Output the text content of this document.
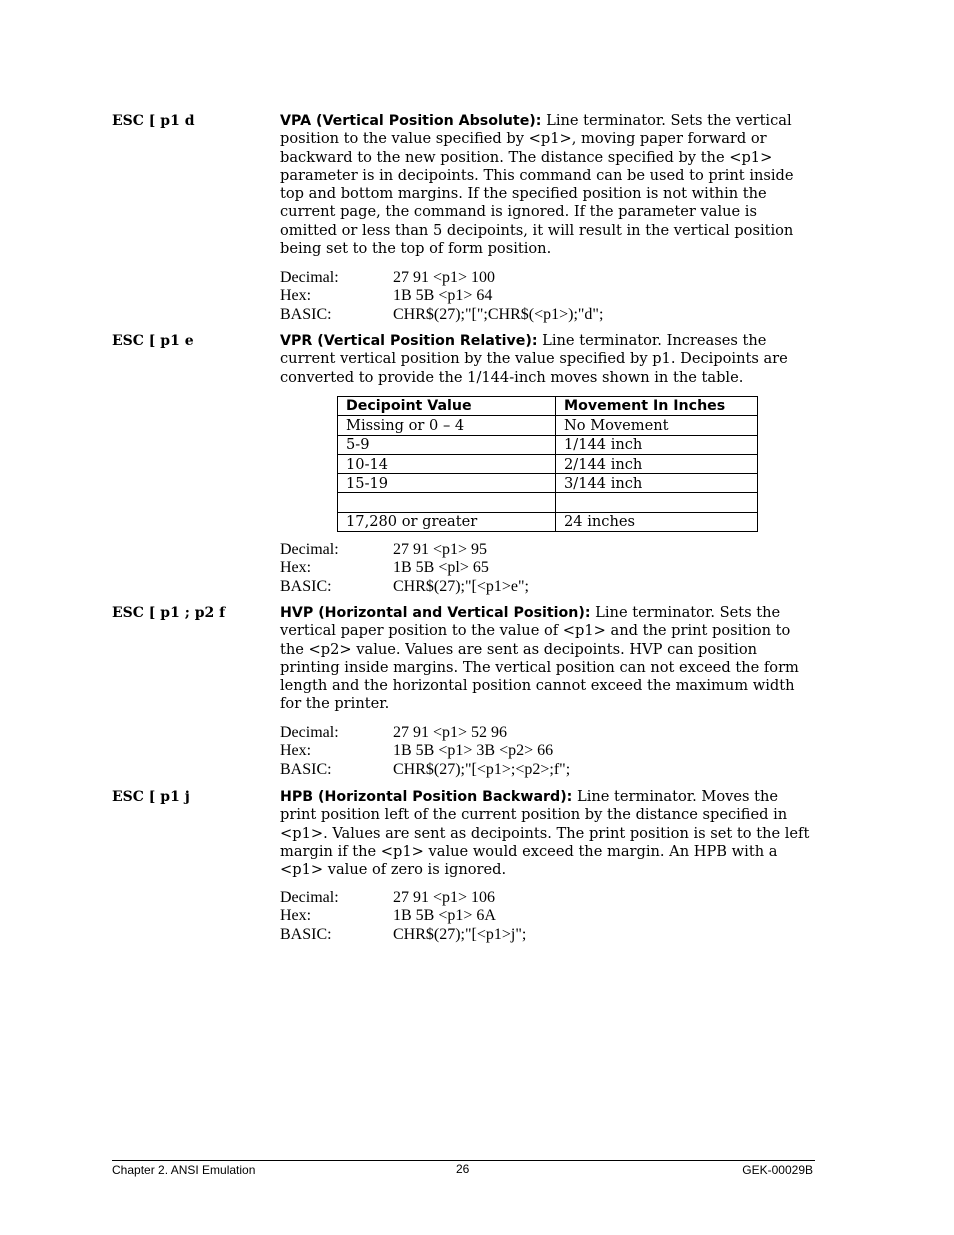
ESC [ p1 d	VPA (Vertical Position Absolute): Line terminator. Sets the vertical position to the value specified by <p1>, moving paper forward or backward to the new position. The distance specified by the <p1> parameter is in decipoints. This command can be used to print inside top and bottom margins. If the specified position is not within the current page, the command is ignored. If the parameter value is omitted or less than 5 decipoints, it will result in the vertical position being set to the top of form position.
Decimal:	27 91 <p1> 100
Hex:	1B 5B <p1> 64
BASIC:	CHR$(27);"[";CHR$(<p1>);"d";
ESC [ p1 e	VPR (Vertical Position Relative): Line terminator. Increases the current vertical position by the value specified by p1. Decipoints are converted to provide the 1/144-inch moves shown in the table.
Decipoint Value	Movement In Inches
Missing or 0 – 4	No Movement
5-9	1/144 inch
10-14	2/144 inch
15-19	3/144 inch

17,280 or greater	24 inches
Decimal:	27 91 <p1> 95
Hex:	1B 5B <pl> 65
BASIC:	CHR$(27);"[<p1>e";
ESC [ p1 ; p2 f	HVP (Horizontal and Vertical Position): Line terminator. Sets the vertical paper position to the value of <p1> and the print position to the <p2> value. Values are sent as decipoints. HVP can position printing inside margins. The vertical position can not exceed the form length and the horizontal position cannot exceed the maximum width for the printer.
Decimal:	27 91 <p1> 52 96
Hex:	1B 5B <p1> 3B <p2> 66
BASIC:	CHR$(27);"[<p1>;<p2>;f";
ESC [ p1 j	HPB (Horizontal Position Backward): Line terminator. Moves the print position left of the current position by the distance specified in <p1>. Values are sent as decipoints. The print position is set to the left margin if the <p1> value would exceed the margin. An HPB with a <p1> value of zero is ignored.
Decimal:	27 91 <p1> 106
Hex:	1B 5B <p1> 6A
BASIC:	CHR$(27);"[<p1>j";
Chapter 2. ANSI Emulation	26	GEK-00029B
